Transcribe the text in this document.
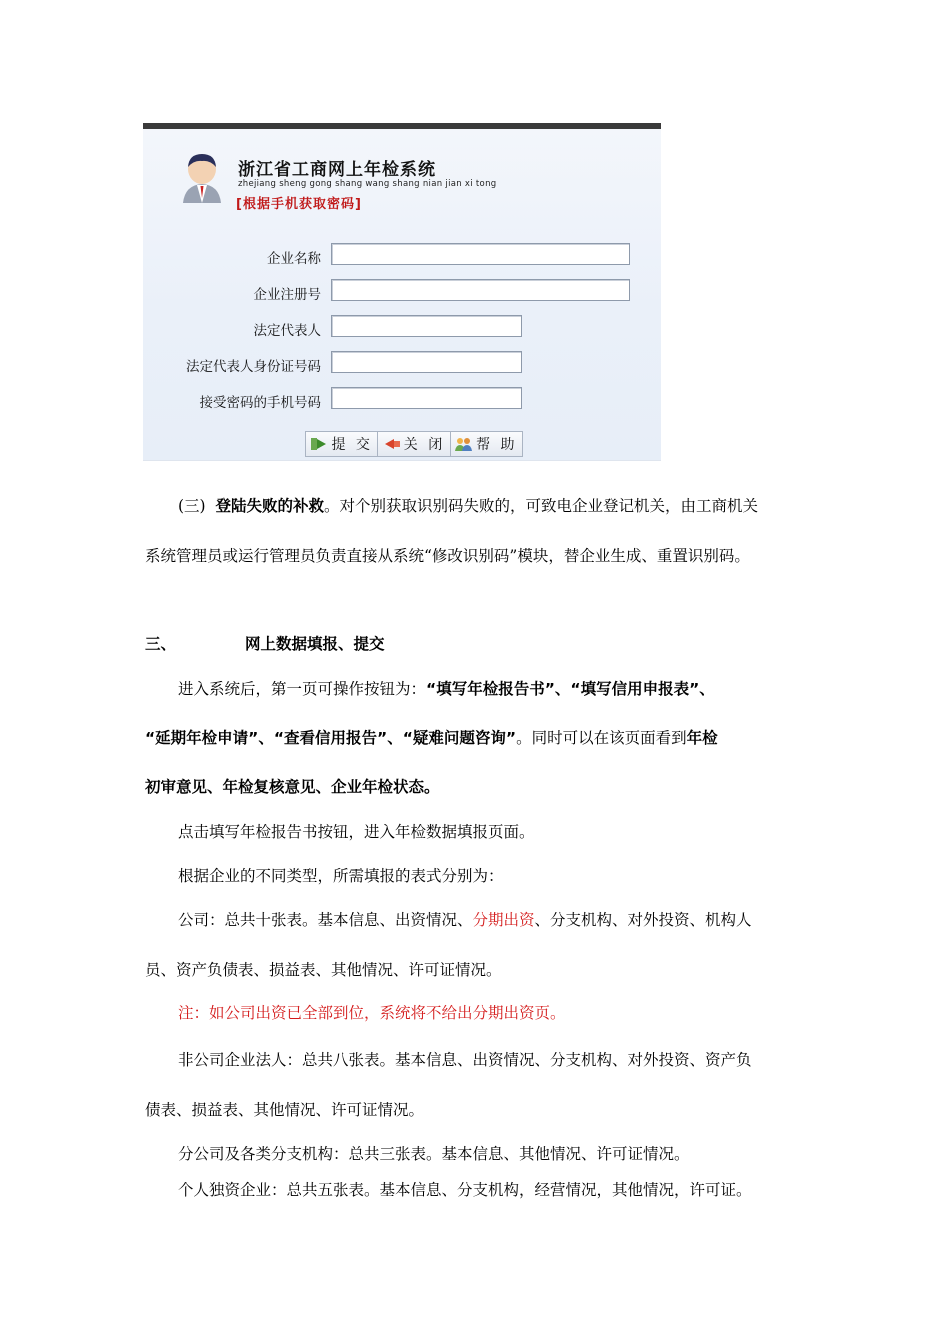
浙江省工商网上年检系统
zhejiang sheng gong shang wang shang nian jian xi tong
[根据手机获取密码]
企业名称
企业注册号
法定代表人
法定代表人身份证号码
接受密码的手机号码
提 交 关 闭 帮 助
(三) 登陆失败的补救。对个别获取识别码失败的，可致电企业登记机关，由工商机关
系统管理员或运行管理员负责直接从系统“修改识别码”模块，替企业生成、重置识别码。
三、	网上数据填报、提交
进入系统后，第一页可操作按钮为：“填写年检报告书”、“填写信用申报表”、
“延期年检申请”、“查看信用报告”、“疑难问题咨询”。同时可以在该页面看到年检
初审意见、年检复核意见、企业年检状态。
点击填写年检报告书按钮，进入年检数据填报页面。
根据企业的不同类型，所需填报的表式分别为：
公司：总共十张表。基本信息、出资情况、分期出资、分支机构、对外投资、机构人
员、资产负债表、损益表、其他情况、许可证情况。
注：如公司出资已全部到位，系统将不给出分期出资页。
非公司企业法人：总共八张表。基本信息、出资情况、分支机构、对外投资、资产负
债表、损益表、其他情况、许可证情况。
分公司及各类分支机构：总共三张表。基本信息、其他情况、许可证情况。
个人独资企业：总共五张表。基本信息、分支机构，经营情况，其他情况，许可证。
